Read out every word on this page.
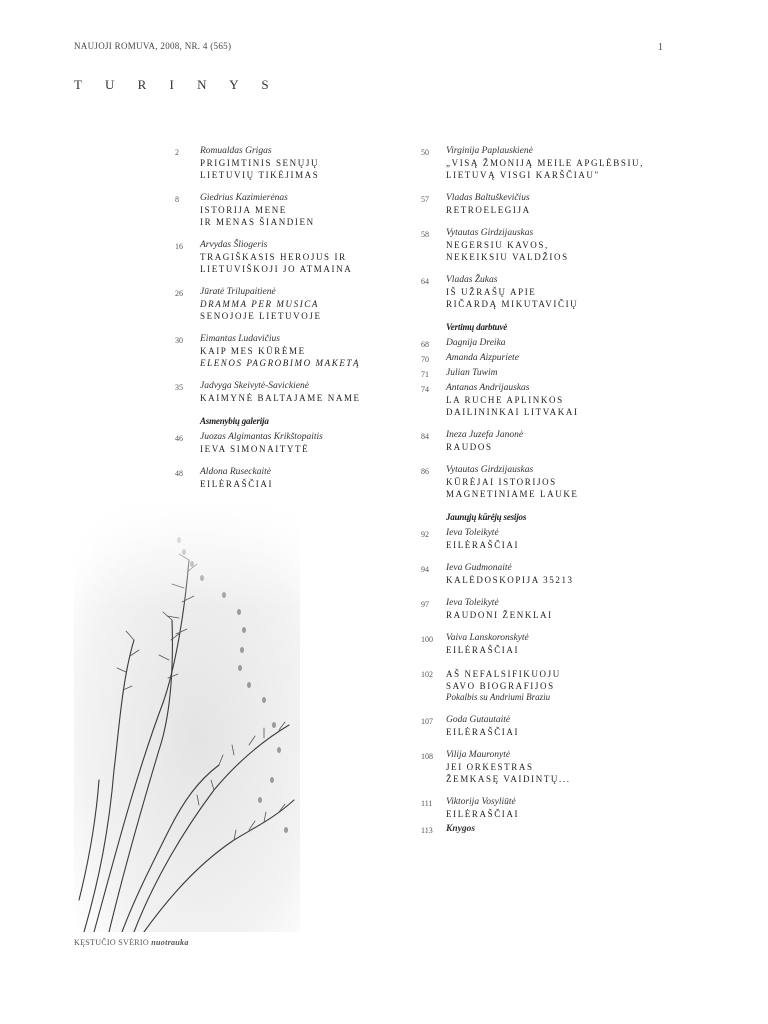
NAUJOJI ROMUVA, 2008, NR. 4 (565)	1
T U R I N Y S
2 Romualdas Grigas
PRIGIMTINIS SENŲJŲ
LIETUVIŲ TIKĖJIMAS
8 Giedrius Kazimierėnas
ISTORIJA MENE
IR MENAS ŠIANDIEN
16 Arvydas Šliogeris
TRAGIŠKASIS HEROJUS IR
LIETUVIŠKOJI JO ATMAINA
26 Jūratė Trilupaitienė
DRAMMA PER MUSICA
SENOJOJE LIETUVOJE
30 Eimantas Ludavičius
KAIP MES KŪRĖME
ELENOS PAGROBIMO MAKETĄ
35 Jadvyga Skeivytė-Savickienė
KAIMYNĖ BALTAJAME NAME
Asmenybių galerija
46 Juozas Algimantas Krikštopaitis
IEVA SIMONAITYTĖ
48 Aldona Ruseckaitė
EILĖRAŠČIAI
50 Virginija Paplauskienė
„VISĄ ŽMONIJĄ MEILE APGLĖBSIU,
LIETUVĄ VISGI KARŠČIAU"
57 Vladas Baltuškevičius
RETROELEGIJA
58 Vytautas Girdzijauskas
NEGERSIU KAVOS,
NEKEIKSIU VALDŽIOS
64 Vladas Žukas
IŠ UŽRAŠŲ APIE
RIČARDĄ MIKUTAVIČIŲ
Vertimų darbtuvė
68 Dagnija Dreika
70 Amanda Aizpuriete
71 Julian Tuwim
74 Antanas Andrijauskas
LA RUCHE APLINKOS
DAILININKAI LITVAKAI
84 Ineza Juzefa Janonė
RAUDOS
86 Vytautas Girdzijauskas
KŪRĖJAI ISTORIJOS
MAGNETINIAME LAUKE
Jaunųjų kūrėjų sesijos
92 Ieva Toleikytė
EILĖRAŠČIAI
94 Ieva Gudmonaitė
KALĖDOSKOPIJA 35213
97 Ieva Toleikytė
RAUDONI ŽENKLAI
100 Vaiva Lanskoronskytė
EILĖRAŠČIAI
102 AŠ NEFALSIFIKUOJU
SAVO BIOGRAFIJOS
Pokalbis su Andriumi Braziu
107 Goda Gutautaitė
EILĖRAŠČIAI
108 Vilija Mauronytė
JEI ORKESTRAS
ŽEMKASĘ VAIDINTŲ...
111 Viktorija Vosyliūtė
EILĖRAŠČIAI
113 Knygos
KĘSTUČIO SVĖRIO nuotrauka
